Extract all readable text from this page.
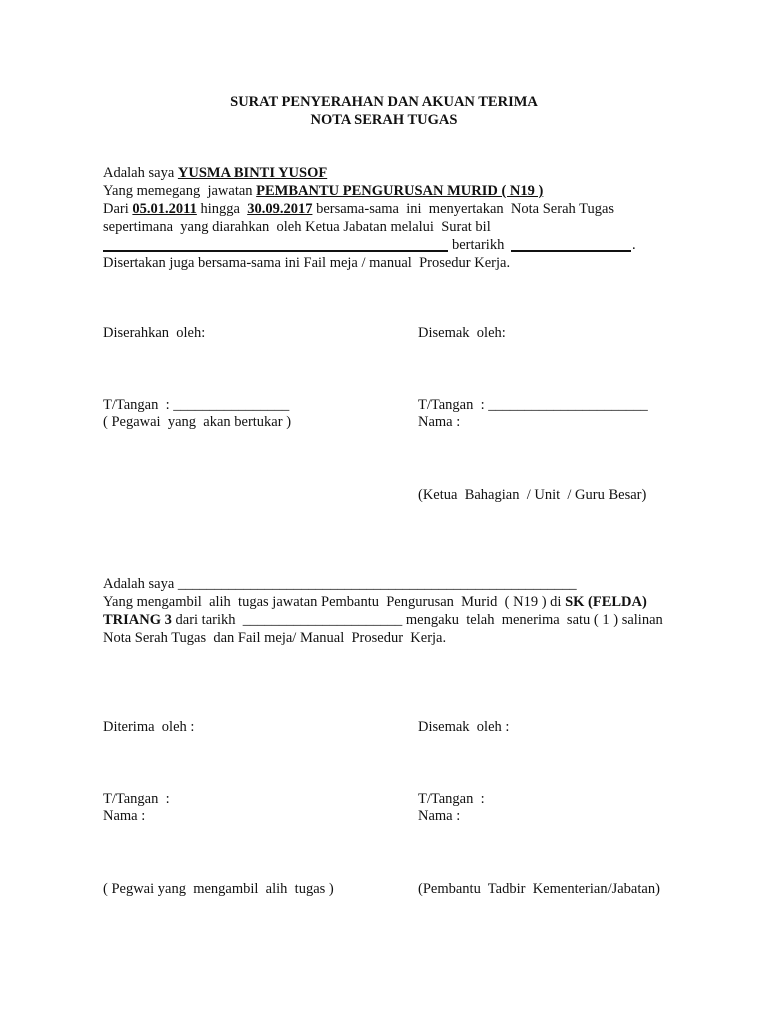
SURAT PENYERAHAN DAN AKUAN TERIMA
NOTA SERAH TUGAS
Adalah saya YUSMA BINTI YUSOF
Yang memegang  jawatan PEMBANTU PENGURUSAN MURID ( N19 )
Dari 05.01.2011 hingga  30.09.2017 bersama-sama  ini  menyertakan  Nota Serah Tugas
sepertimana  yang diarahkan  oleh Ketua Jabatan melalui  Surat bil
bertarikh	.
Disertakan juga bersama-sama ini Fail meja / manual  Prosedur Kerja.
Diserahkan  oleh:	Disemak  oleh:
T/Tangan  : ________________	T/Tangan  : ______________________
( Pegawai  yang  akan bertukar )	Nama :
(Ketua  Bahagian  / Unit  / Guru Besar)
Adalah saya _______________________________________________________
Yang mengambil  alih  tugas jawatan Pembantu  Pengurusan  Murid  ( N19 ) di SK (FELDA)
TRIANG 3 dari tarikh  ______________________ mengaku  telah  menerima  satu ( 1 ) salinan
Nota Serah Tugas  dan Fail meja/ Manual  Prosedur  Kerja.
Diterima  oleh :	Disemak  oleh :
T/Tangan  :	T/Tangan  :
Nama :	Nama :
( Pegwai yang  mengambil  alih  tugas )	(Pembantu  Tadbir  Kementerian/Jabatan)
